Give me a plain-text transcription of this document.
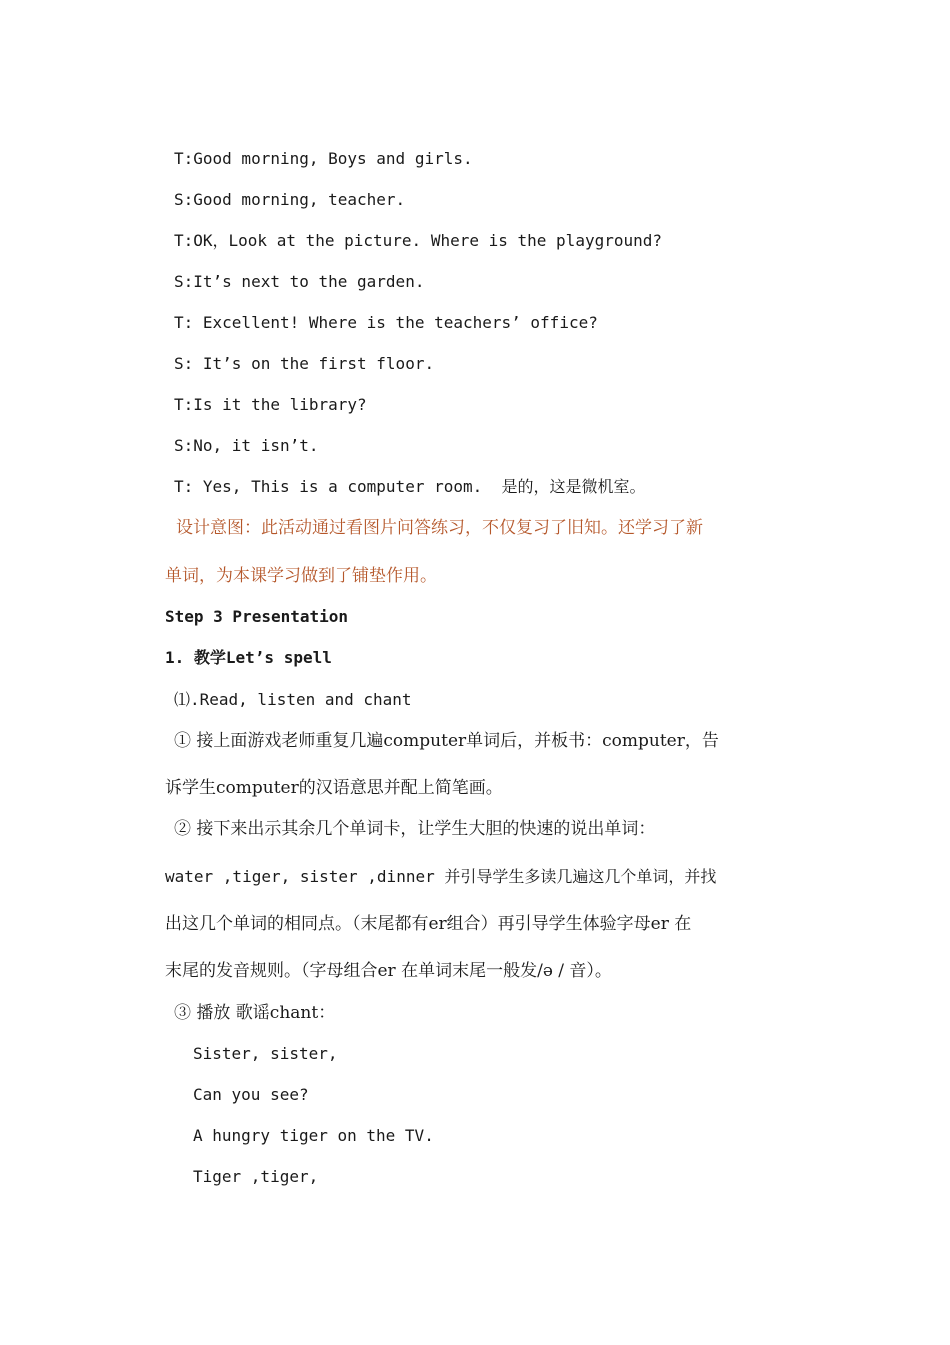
T:Good morning, Boys and girls.
S:Good morning, teacher.
T:OK，Look at the picture. Where is the playground?
S:It’s next to the garden.
T: Excellent! Where is the teachers’ office?
S: It’s on the first floor.
T:Is it the library?
S:No, it isn’t.
T: Yes, This is a computer room.  是的，这是微机室。
设计意图：此活动通过看图片问答练习，不仅复习了旧知。还学习了新
单词，为本课学习做到了铺垫作用。
Step 3 Presentation
1. 教学Let’s spell
⑴.Read, listen and chant
① 接上面游戏老师重复几遍computer单词后，并板书：computer，告
诉学生computer的汉语意思并配上简笔画。
② 接下来出示其余几个单词卡，让学生大胆的快速的说出单词：
water ,tiger, sister ,dinner 并引导学生多读几遍这几个单词，并找
出这几个单词的相同点。（末尾都有er组合）再引导学生体验字母er 在
末尾的发音规则。（字母组合er 在单词末尾一般发/ə / 音）。
③ 播放 歌谣chant：
Sister, sister,
Can you see?
A hungry tiger on the TV.
Tiger ,tiger,
